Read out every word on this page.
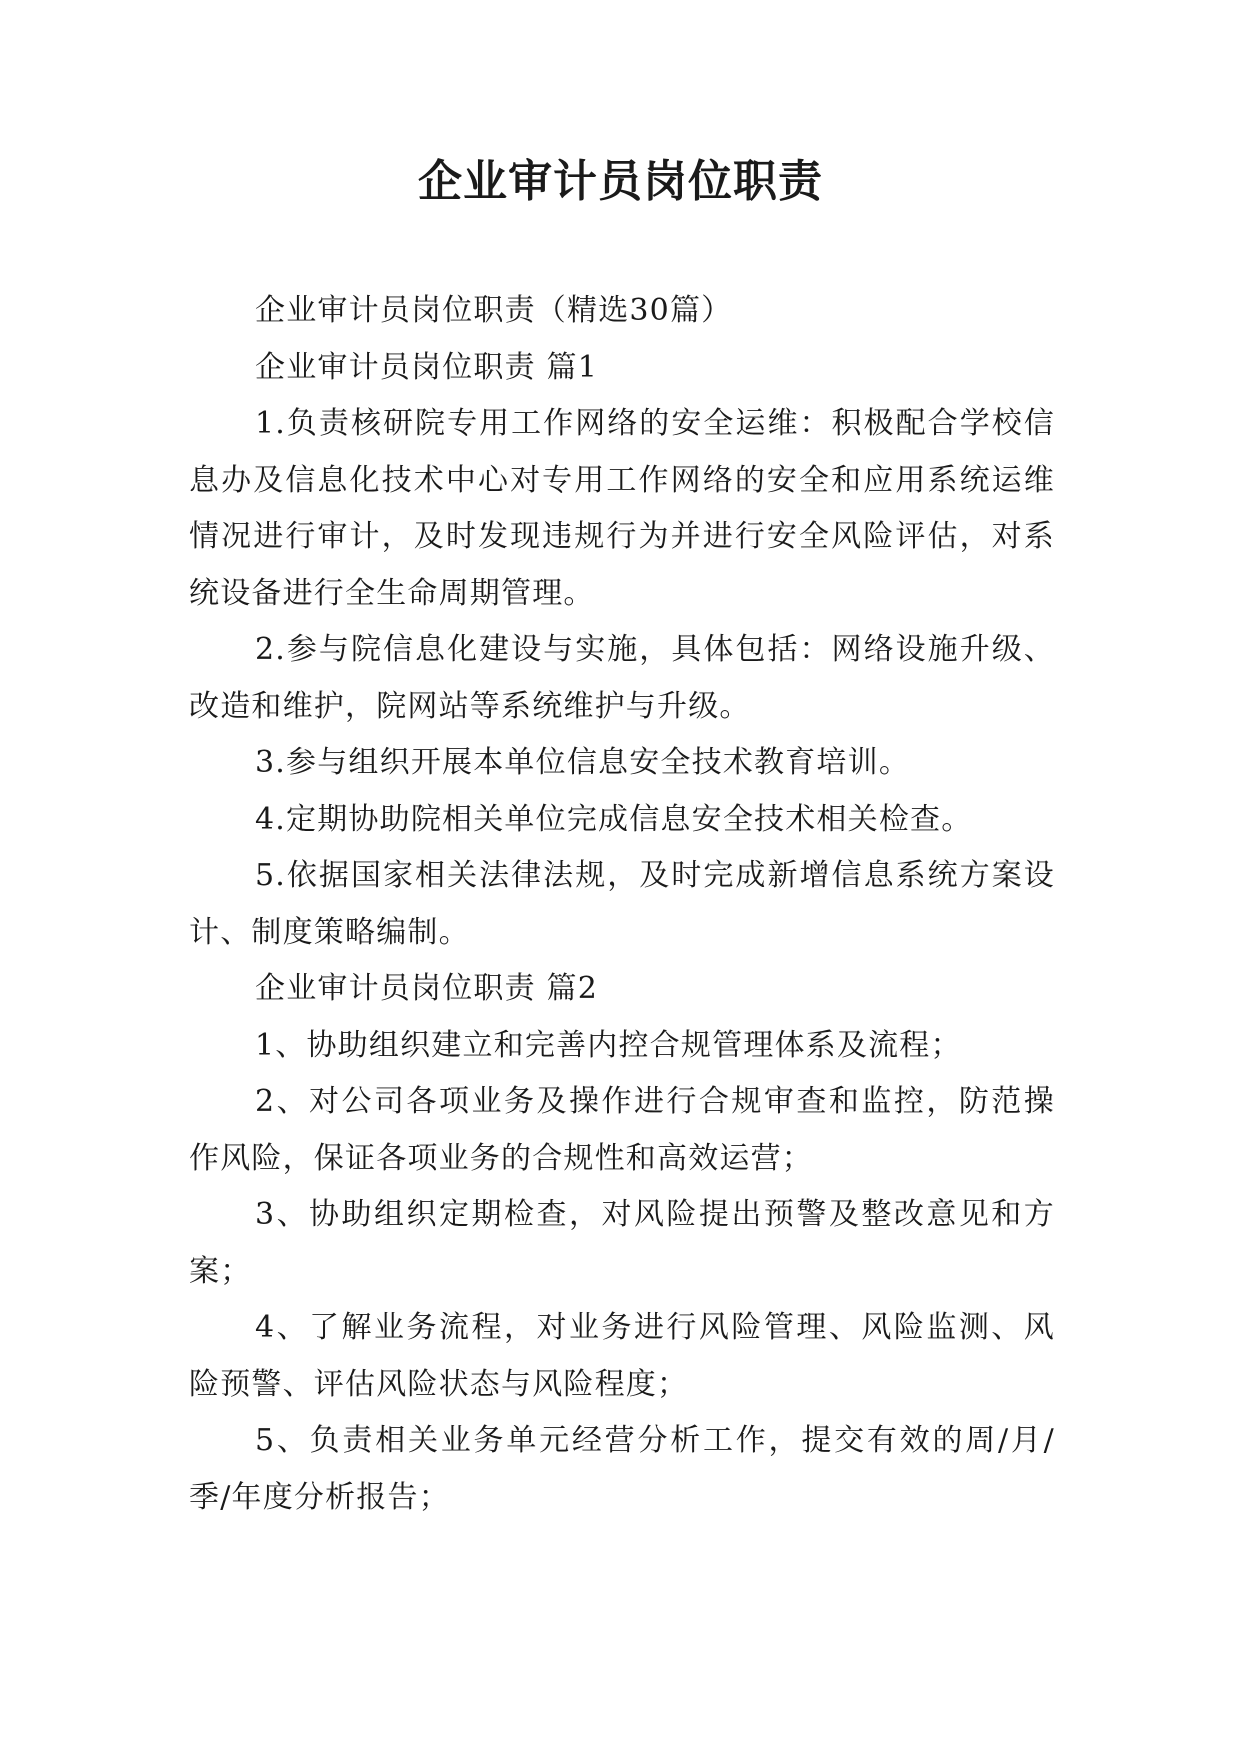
企业审计员岗位职责

企业审计员岗位职责（精选30篇）

企业审计员岗位职责 篇1

1.负责核研院专用工作网络的安全运维：积极配合学校信息办及信息化技术中心对专用工作网络的安全和应用系统运维情况进行审计，及时发现违规行为并进行安全风险评估，对系统设备进行全生命周期管理。

2.参与院信息化建设与实施，具体包括：网络设施升级、改造和维护，院网站等系统维护与升级。

3.参与组织开展本单位信息安全技术教育培训。

4.定期协助院相关单位完成信息安全技术相关检查。

5.依据国家相关法律法规，及时完成新增信息系统方案设计、制度策略编制。

企业审计员岗位职责 篇2

1、协助组织建立和完善内控合规管理体系及流程；

2、对公司各项业务及操作进行合规审查和监控，防范操作风险，保证各项业务的合规性和高效运营；

3、协助组织定期检查，对风险提出预警及整改意见和方案；

4、了解业务流程，对业务进行风险管理、风险监测、风险预警、评估风险状态与风险程度；

5、负责相关业务单元经营分析工作，提交有效的周/月/季/年度分析报告；
